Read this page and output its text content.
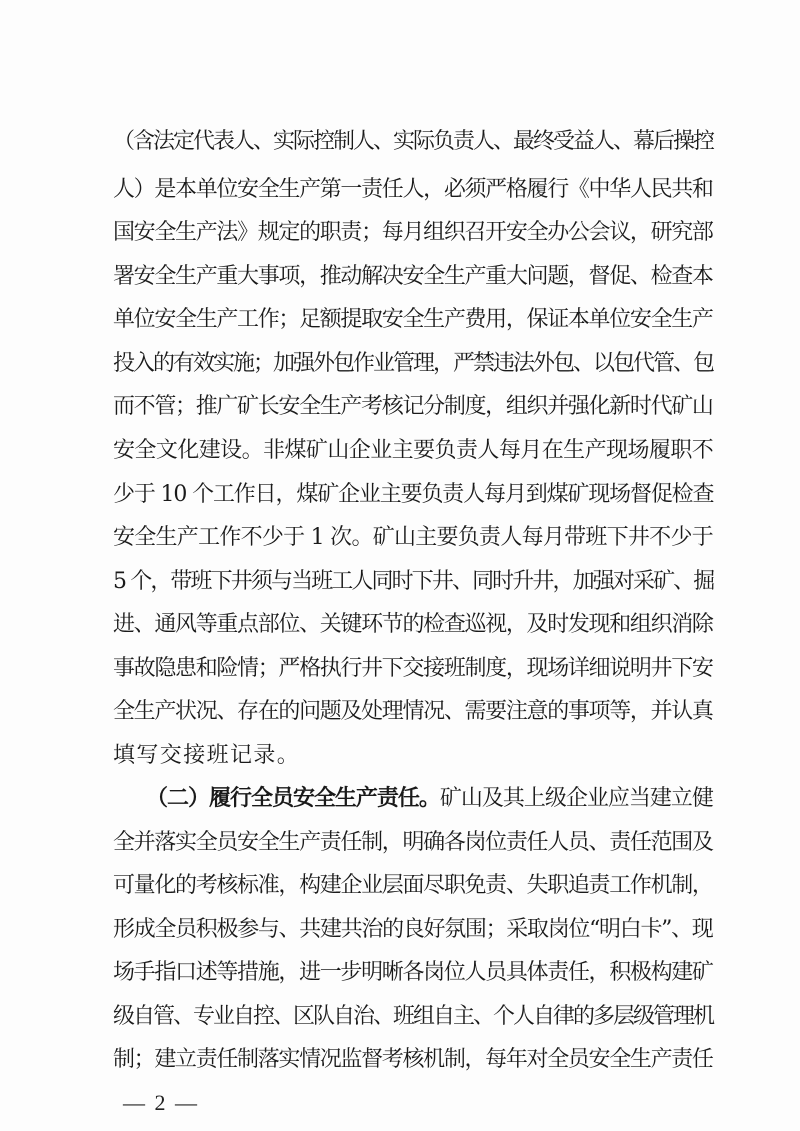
（含法定代表人、实际控制人、实际负责人、最终受益人、幕后操控
人）是本单位安全生产第一责任人，必须严格履行《中华人民共和
国安全生产法》规定的职责；每月组织召开安全办公会议，研究部
署安全生产重大事项，推动解决安全生产重大问题，督促、检查本
单位安全生产工作；足额提取安全生产费用，保证本单位安全生产
投入的有效实施；加强外包作业管理，严禁违法外包、以包代管、包
而不管；推广矿长安全生产考核记分制度，组织并强化新时代矿山
安全文化建设。非煤矿山企业主要负责人每月在生产现场履职不
少于 10 个工作日，煤矿企业主要负责人每月到煤矿现场督促检查
安全生产工作不少于 1 次。矿山主要负责人每月带班下井不少于
5 个，带班下井须与当班工人同时下井、同时升井，加强对采矿、掘
进、通风等重点部位、关键环节的检查巡视，及时发现和组织消除
事故隐患和险情；严格执行井下交接班制度，现场详细说明井下安
全生产状况、存在的问题及处理情况、需要注意的事项等，并认真
填写交接班记录。
（二）履行全员安全生产责任。矿山及其上级企业应当建立健
全并落实全员安全生产责任制，明确各岗位责任人员、责任范围及
可量化的考核标准，构建企业层面尽职免责、失职追责工作机制，
形成全员积极参与、共建共治的良好氛围；采取岗位“明白卡”、现
场手指口述等措施，进一步明晰各岗位人员具体责任，积极构建矿
级自管、专业自控、区队自治、班组自主、个人自律的多层级管理机
制；建立责任制落实情况监督考核机制，每年对全员安全生产责任
— 2 —
